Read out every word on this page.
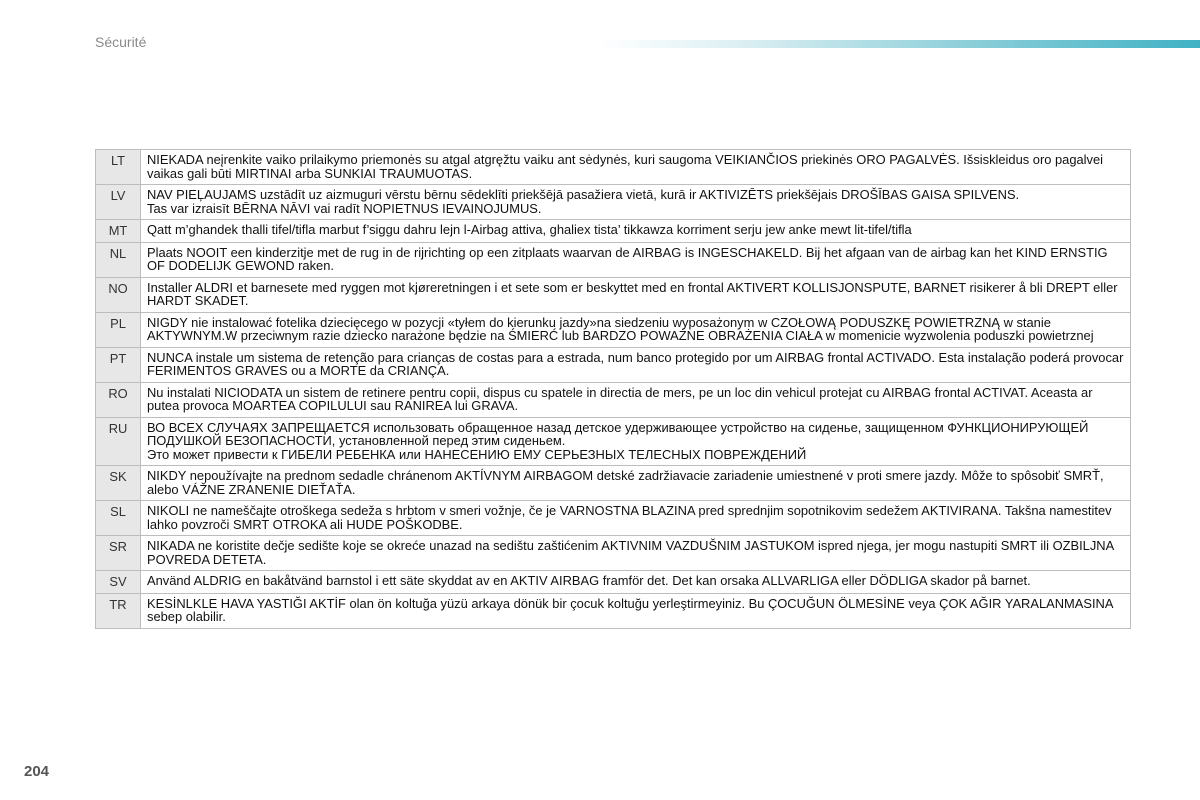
Sécurité
LT	NIEKADA neįrenkite vaiko prilaikymo priemonės su atgal atgręžtu vaiku ant sėdynės, kuri saugoma VEIKIANČIOS priekinės ORO PAGALVĖS. Išsiskleidus oro pagalvei vaikas gali būti MIRTINAI arba SUNKIAI TRAUMUOTAS.
LV	NAV PIEĻAUJAMS uzstādīt uz aizmuguri vērstu bērnu sēdeklīti priekšējā pasažiera vietā, kurā ir AKTIVIZĒTS priekšējais DROŠĪBAS GAISA SPILVENS.
Tas var izraisīt BĒRNA NĀVI vai radīt NOPIETNUS IEVAINOJUMUS.
MT	Qatt m’ghandek thalli tifel/tifla marbut f’siggu dahru lejn l-Airbag attiva, ghaliex tista’ tikkawza korriment serju jew anke mewt lit-tifel/tifla
NL	Plaats NOOIT een kinderzitje met de rug in de rijrichting op een zitplaats waarvan de AIRBAG is INGESCHAKELD. Bij het afgaan van de airbag kan het KIND ERNSTIG OF DODELIJK GEWOND raken.
NO	Installer ALDRI et barnesete med ryggen mot kjøreretningen i et sete som er beskyttet med en frontal AKTIVERT KOLLISJONSPUTE, BARNET risikerer å bli DREPT eller HARDT SKADET.
PL	NIGDY nie instalować fotelika dziecięcego w pozycji «tyłem do kierunku jazdy»na siedzeniu wyposażonym w CZOŁOWĄ PODUSZKĘ POWIETRZNĄ w stanie AKTYWNYM.W przeciwnym razie dziecko narażone będzie na ŚMIERĆ lub BARDZO POWAŻNE OBRAŻENIA CIAŁA w momenicie wyzwolenia poduszki powietrznej
PT	NUNCA instale um sistema de retenção para crianças de costas para a estrada, num banco protegido por um AIRBAG frontal ACTIVADO. Esta instalação poderá provocar FERIMENTOS GRAVES ou a MORTE da CRIANÇA.
RO	Nu instalati NICIODATA un sistem de retinere pentru copii, dispus cu spatele in directia de mers, pe un loc din vehicul protejat cu AIRBAG frontal ACTIVAT. Aceasta ar putea provoca MOARTEA COPILULUI sau RANIREA lui GRAVA.
RU	ВО ВСЕХ СЛУЧАЯХ ЗАПРЕЩАЕТСЯ использовать обращенное назад детское удерживающее устройство на сиденье, защищенном ФУНКЦИОНИРУЮЩЕЙ ПОДУШКОЙ БЕЗОПАСНОСТИ, установленной перед этим сиденьем.
Это может привести к ГИБЕЛИ РЕБЕНКА или НАНЕСЕНИЮ ЕМУ СЕРЬЕЗНЫХ ТЕЛЕСНЫХ ПОВРЕЖДЕНИЙ
SK	NIKDY nepoužívajte na prednom sedadle chránenom AKTÍVNYM AIRBAGOM detské zadržiavacie zariadenie umiestnené v proti smere jazdy. Môže to spôsobiť SMRŤ, alebo VÁŽNE ZRANENIE DIEŤAŤA.
SL	NIKOLI ne nameščajte otroškega sedeža s hrbtom v smeri vožnje, če je VARNOSTNA BLAZINA pred sprednjim sopotnikovim sedežem AKTIVIRANA. Takšna namestitev lahko povzroči SMRT OTROKA ali HUDE POŠKODBE.
SR	NIKADA ne koristite dečje sedište koje se okreće unazad na sedištu zaštićenim AKTIVNIM VAZDUŠNIM JASTUKOM ispred njega, jer mogu nastupiti SMRT ili OZBILJNA POVREDA DETETA.
SV	Använd ALDRIG en bakåtvänd barnstol i ett säte skyddat av en AKTIV AIRBAG framför det. Det kan orsaka ALLVARLIGA eller DÖDLIGA skador på barnet.
TR	KESİNLKLE HAVA YASTIĞI AKTİF olan ön koltuğa yüzü arkaya dönük bir çocuk koltuğu yerleştirmeyiniz. Bu ÇOCUĞUN ÖLMESİNE veya ÇOK AĞIR YARALANMASINA sebep olabilir.
204
